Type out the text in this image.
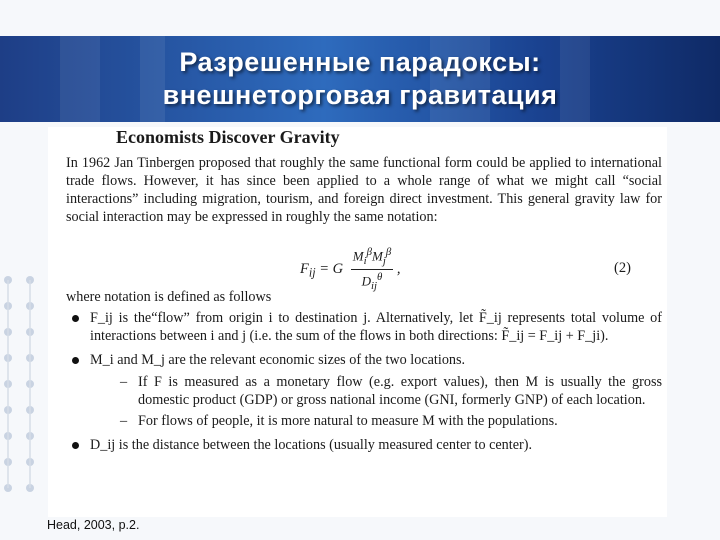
Разрешенные парадоксы:
внешнеторговая гравитация
Economists Discover Gravity

In 1962 Jan Tinbergen proposed that roughly the same functional form could be applied to international trade flows. However, it has since been applied to a whole range of what we might call “social interactions” including migration, tourism, and foreign direct investment. This general gravity law for social interaction may be expressed in roughly the same notation:

$F_{ij} = G \frac{M_i^\beta M_j^\beta}{D_{ij}^\theta}$ ,	(2)

where notation is defined as follows

F_ij is the“flow” from origin i to destination j. Alternatively, let F̃_ij represents total volume of interactions between i and j (i.e. the sum of the flows in both directions: F̃_ij = F_ij + F_ji).
M_i and M_j are the relevant economic sizes of the two locations.
– If F is measured as a monetary flow (e.g. export values), then M is usually the gross domestic product (GDP) or gross national income (GNI, formerly GNP) of each location.
– For flows of people, it is more natural to measure M with the populations.
D_ij is the distance between the locations (usually measured center to center).
Head, 2003, p.2.
